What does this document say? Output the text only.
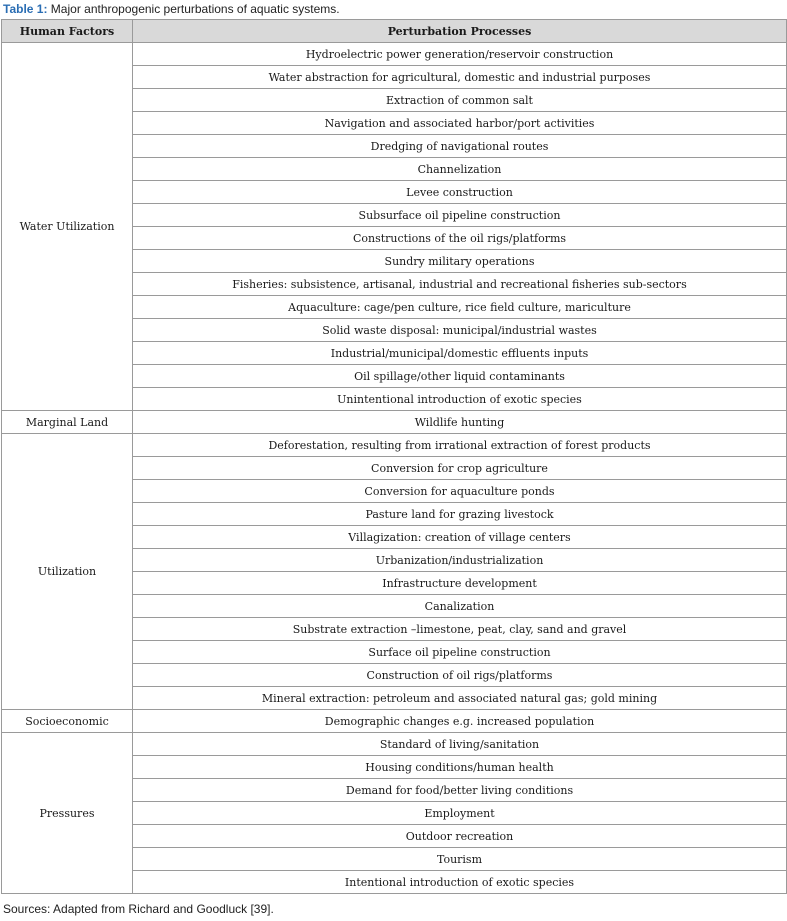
Table 1: Major anthropogenic perturbations of aquatic systems.
Human Factors	Perturbation Processes
Water Utilization	Hydroelectric power generation/reservoir construction
	Water abstraction for agricultural, domestic and industrial purposes
	Extraction of common salt
	Navigation and associated harbor/port activities
	Dredging of navigational routes
	Channelization
	Levee construction
	Subsurface oil pipeline construction
	Constructions of the oil rigs/platforms
	Sundry military operations
	Fisheries: subsistence, artisanal, industrial and recreational fisheries sub-sectors
	Aquaculture: cage/pen culture, rice field culture, mariculture
	Solid waste disposal: municipal/industrial wastes
	Industrial/municipal/domestic effluents inputs
	Oil spillage/other liquid contaminants
	Unintentional introduction of exotic species
Marginal Land	Wildlife hunting
Utilization	Deforestation, resulting from irrational extraction of forest products
	Conversion for crop agriculture
	Conversion for aquaculture ponds
	Pasture land for grazing livestock
	Villagization: creation of village centers
	Urbanization/industrialization
	Infrastructure development
	Canalization
	Substrate extraction –limestone, peat, clay, sand and gravel
	Surface oil pipeline construction
	Construction of oil rigs/platforms
	Mineral extraction: petroleum and associated natural gas; gold mining
Socioeconomic	Demographic changes e.g. increased population
Pressures	Standard of living/sanitation
	Housing conditions/human health
	Demand for food/better living conditions
	Employment
	Outdoor recreation
	Tourism
	Intentional introduction of exotic species
Sources: Adapted from Richard and Goodluck [39].
